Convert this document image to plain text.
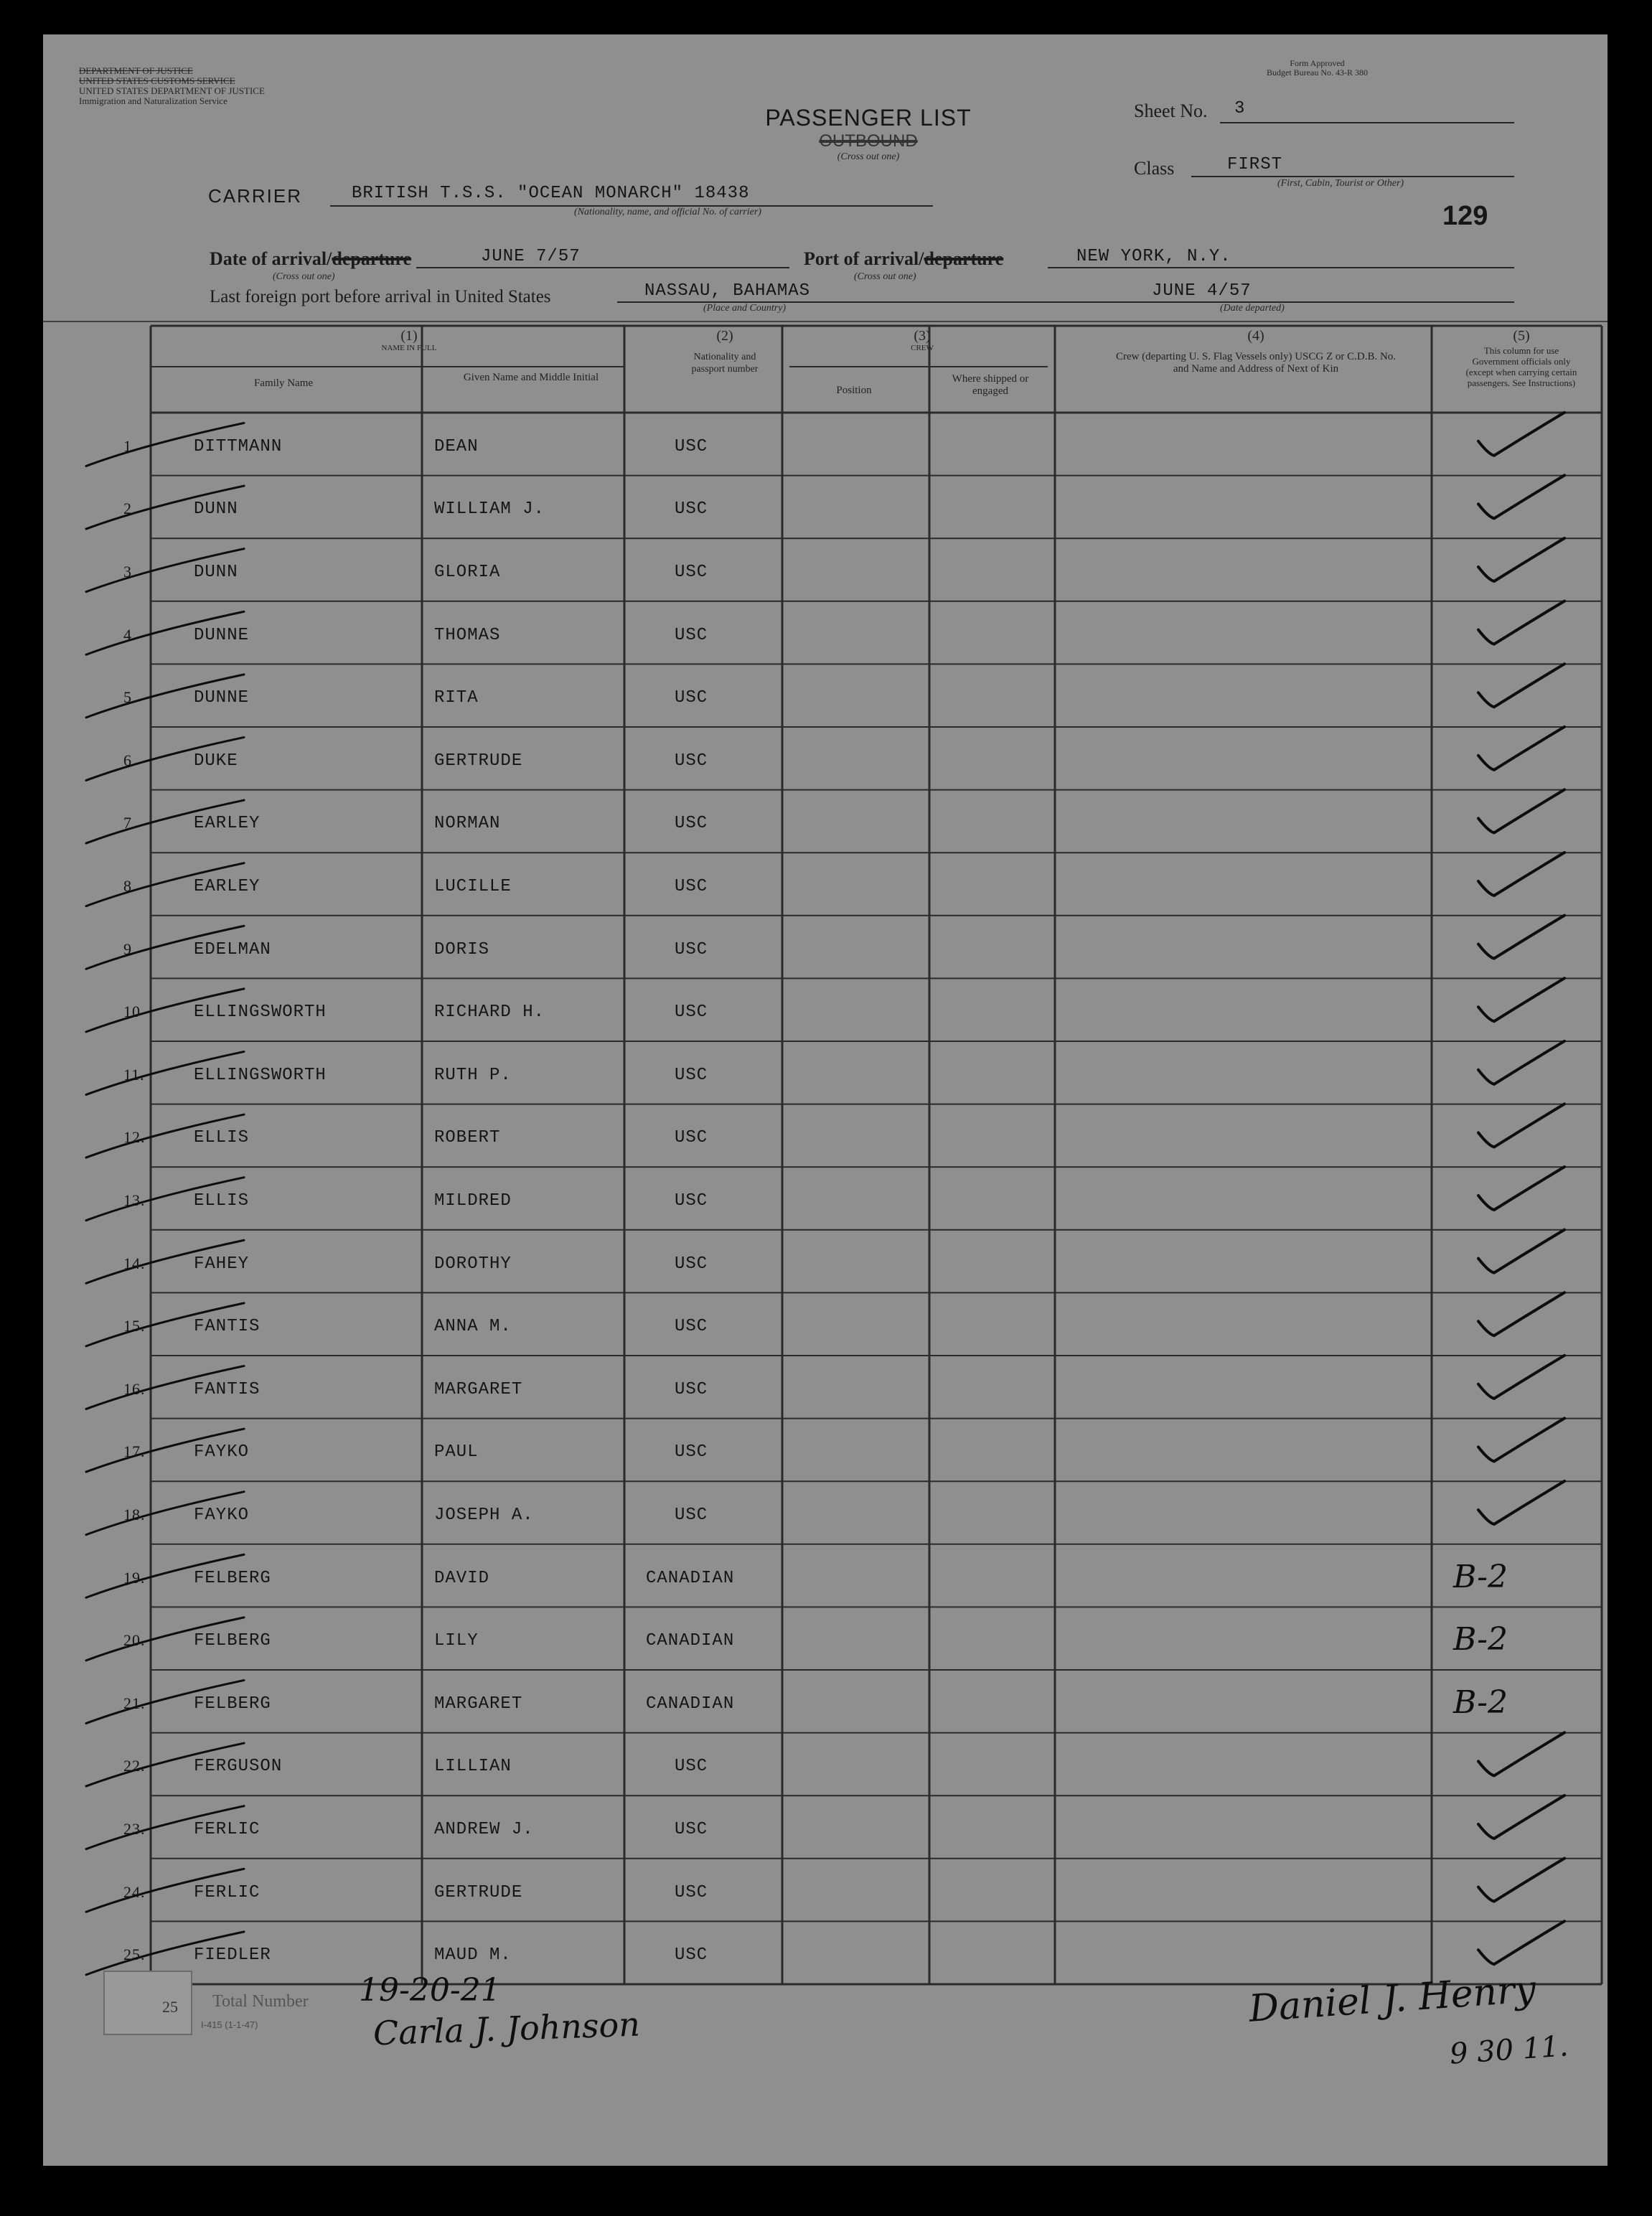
DEPARTMENT OF JUSTICE
UNITED STATES CUSTOMS SERVICE
UNITED STATES DEPARTMENT OF JUSTICE
Immigration and Naturalization Service
Form Approved
Budget Bureau No. 43-R 380
PASSENGER LIST
OUTBOUND
(Cross out one)
Sheet No. 3
Class	FIRST
(First, Cabin, Tourist or Other)
129
CARRIER	BRITISH T.S.S. "OCEAN MONARCH" 18438
(Nationality, name, and official No. of carrier)
Date of arrival/departure
(Cross out one)
JUNE 7/57	Port of arrival/departure
(Cross out one)
NEW YORK, N.Y.
Last foreign port before arrival in United States	NASSAU, BAHAMAS
(Place and Country)
JUNE 4/57
(Date departed)
(1)
NAME IN FULL
Family Name	Given Name and Middle Initial
(2)
Nationality and passport number
(3)
CREW
Position
Where shipped or engaged
(4)
Crew (departing U. S. Flag Vessels only) USCG Z or C.D.B. No. and Name and Address of Next of Kin
(5)
This column for use Government officials only (except when carrying certain passengers. See Instructions)
1.	DITTMANN	DEAN	USC
2.	DUNN	WILLIAM J.	USC
3.	DUNN	GLORIA	USC
4.	DUNNE	THOMAS	USC
5.	DUNNE	RITA	USC
6.	DUKE	GERTRUDE	USC
7.	EARLEY	NORMAN	USC
8	EARLEY	LUCILLE	USC
9	EDELMAN	DORIS	USC
10	ELLINGSWORTH	RICHARD H.	USC
11.	ELLINGSWORTH	RUTH P.	USC
12.	ELLIS	ROBERT	USC
13.	ELLIS	MILDRED	USC
14.	FAHEY	DOROTHY	USC
15.	FANTIS	ANNA M.	USC
16.	FANTIS	MARGARET	USC
17.	FAYKO	PAUL	USC
18.	FAYKO	JOSEPH A.	USC
19.	FELBERG	DAVID	CANADIAN	B-2
20.	FELBERG	LILY	CANADIAN	B-2
21.	FELBERG	MARGARET	CANADIAN	B-2
22.	FERGUSON	LILLIAN	USC
23.	FERLIC	ANDREW J.	USC
24.	FERLIC	GERTRUDE	USC
25.	FIEDLER	MAUD M.	USC
25 Total Number
I-415 (1-1-47)
19-20-21
Carla J. Johnson	Daniel J. Henry
9 30 11.
